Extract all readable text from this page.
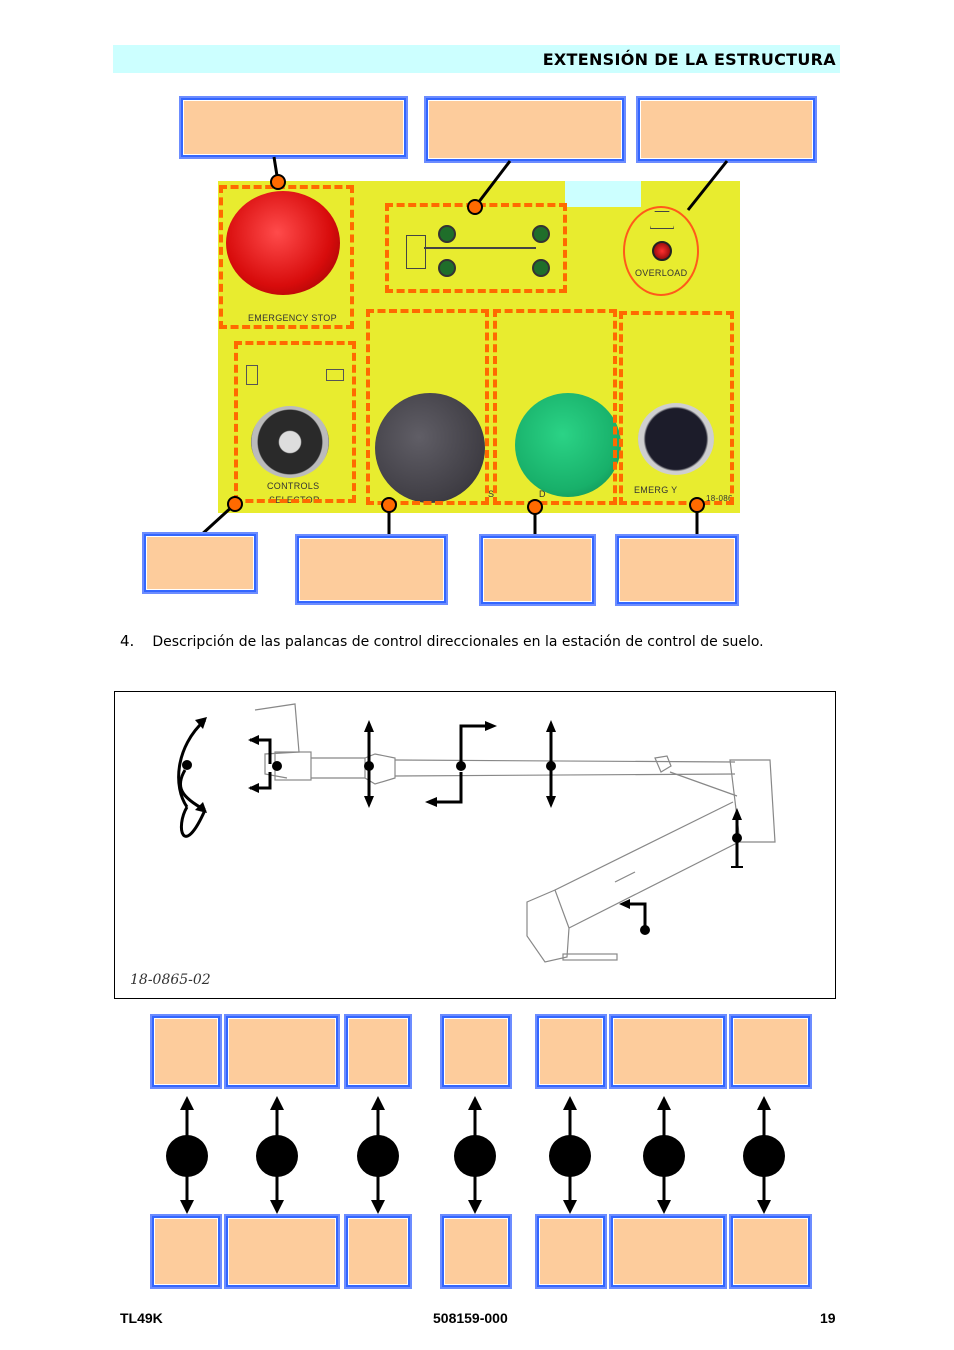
EXTENSIÓN DE LA ESTRUCTURA
EMERGENCY STOP
OVERLOAD
CONTROLS
SELECTOR
S	D	EMERG Y
18-086
4. Descripción de las palancas de control direccionales en la estación de control de suelo.
18-0865-02
TL49K	508159-000	19
